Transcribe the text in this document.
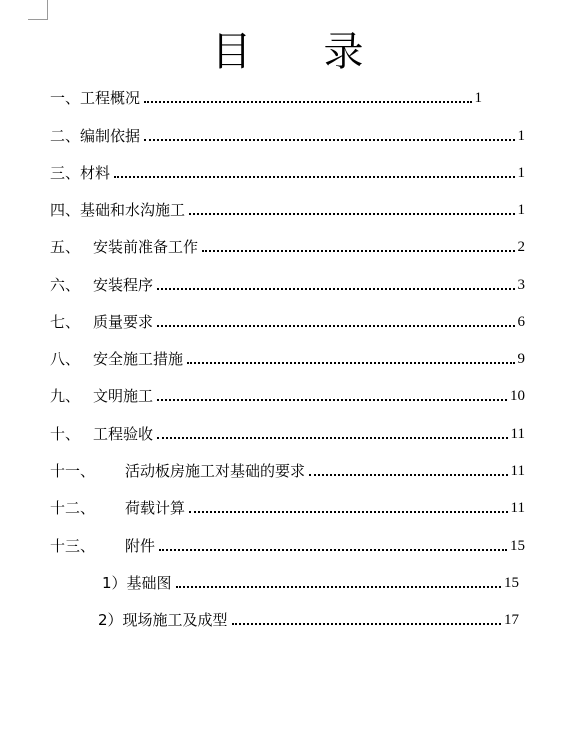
目 录
一、 工程概况	1
二、 编制依据	1
三、 材料	1
四、 基础和水沟施工	1
五、 安装前准备工作	2
六、 安装程序	3
七、 质量要求	6
八、 安全施工措施	9
九、 文明施工	10
十、 工程验收	11
十一、	活动板房施工对基础的要求	11
十二、	荷载计算	11
十三、	附件	15
1） 基础图	15
2） 现场施工及成型	17
